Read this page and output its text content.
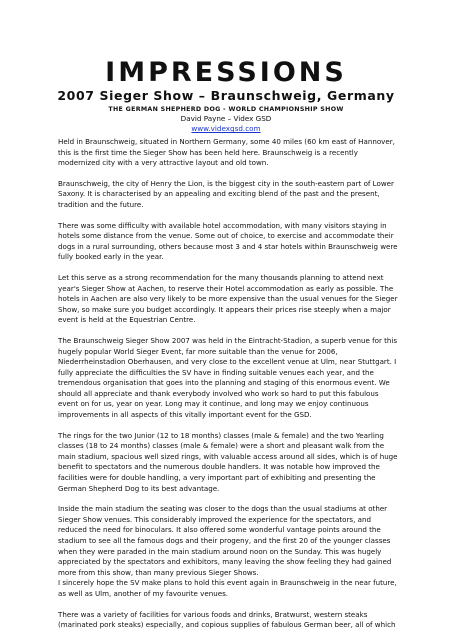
IMPRESSIONS
2007 Sieger Show – Braunschweig, Germany
THE GERMAN SHEPHERD DOG - WORLD CHAMPIONSHIP SHOW
David Payne – Videx GSD
www.videxgsd.com

Held in Braunschweig, situated in Northern Germany, some 40 miles (60 km east of Hannover, this is the first time the Sieger Show has been held here. Braunschweig is a recently modernized city with a very attractive layout and old town.

Braunschweig, the city of Henry the Lion, is the biggest city in the south-eastern part of Lower Saxony. It is characterised by an appealing and exciting blend of the past and the present, tradition and the future.

There was some difficulty with available hotel accommodation, with many visitors staying in hotels some distance from the venue. Some out of choice, to exercise and accommodate their dogs in a rural surrounding, others because most 3 and 4 star hotels within Braunschweig were fully booked early in the year.

Let this serve as a strong recommendation for the many thousands planning to attend next year's Sieger Show at Aachen, to reserve their Hotel accommodation as early as possible. The hotels in Aachen are also very likely to be more expensive than the usual venues for the Sieger Show, so make sure you budget accordingly. It appears their prices rise steeply when a major event is held at the Equestrian Centre.

The Braunschweig Sieger Show 2007 was held in the Eintracht-Stadion, a superb venue for this hugely popular World Sieger Event, far more suitable than the venue for 2006, Niederrheinstadion Oberhausen, and very close to the excellent venue at Ulm, near Stuttgart. I fully appreciate the difficulties the SV have in finding suitable venues each year, and the tremendous organisation that goes into the planning and staging of this enormous event. We should all appreciate and thank everybody involved who work so hard to put this fabulous event on for us, year on year. Long may it continue, and long may we enjoy continuous improvements in all aspects of this vitally important event for the GSD.

The rings for the two Junior (12 to 18 months) classes (male & female) and the two Yearling classes (18 to 24 months) classes (male & female) were a short and pleasant walk from the main stadium, spacious well sized rings, with valuable access around all sides, which is of huge benefit to spectators and the numerous double handlers. It was notable how improved the facilities were for double handling, a very important part of exhibiting and presenting the German Shepherd Dog to its best advantage.

Inside the main stadium the seating was closer to the dogs than the usual stadiums at other Sieger Show venues. This considerably improved the experience for the spectators, and reduced the need for binoculars. It also offered some wonderful vantage points around the stadium to see all the famous dogs and their progeny, and the first 20 of the younger classes when they were paraded in the main stadium around noon on the Sunday. This was hugely appreciated by the spectators and exhibitors, many leaving the show feeling they had gained more from this show, than many previous Sieger Shows.
I sincerely hope the SV make plans to hold this event again in Braunschweig in the near future, as well as Ulm, another of my favourite venues.

There was a variety of facilities for various foods and drinks, Bratwurst, western steaks (marinated pork steaks) especially, and copious supplies of fabulous German beer, all of which
